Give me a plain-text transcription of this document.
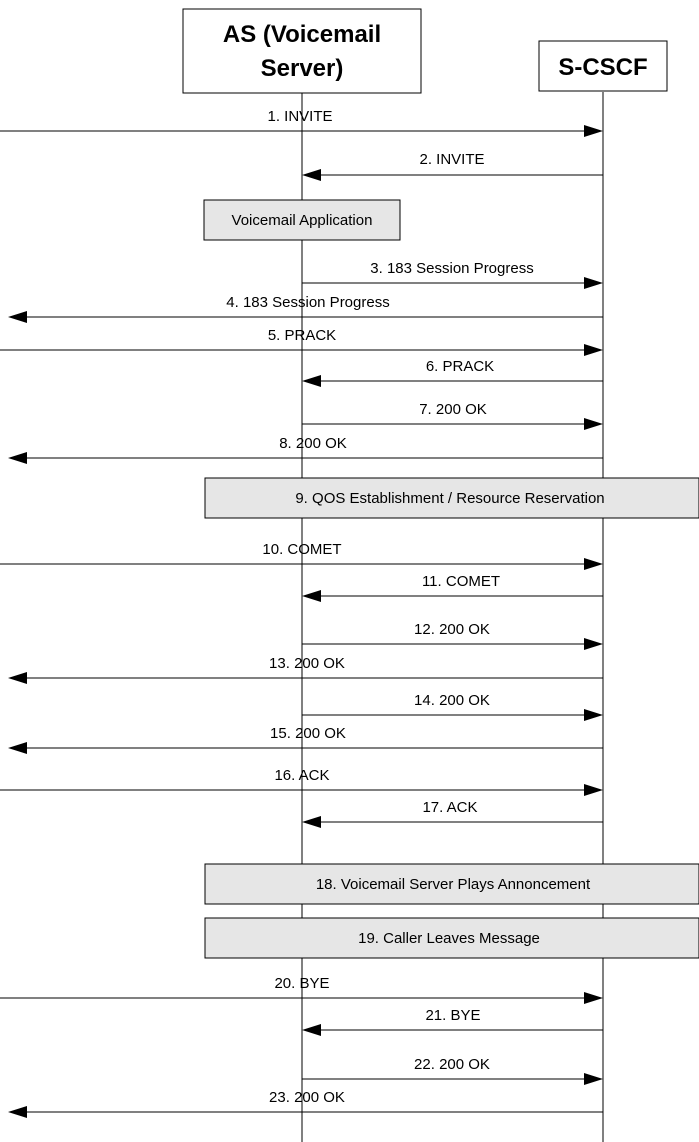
AS (Voicemail
Server)	S-CSCF
Voicemail Application
9. QOS Establishment / Resource Reservation
18. Voicemail Server Plays Annoncement
19. Caller Leaves Message
1. INVITE
2. INVITE
3. 183 Session Progress
4. 183 Session Progress
5. PRACK
6. PRACK
7. 200 OK
8. 200 OK
10. COMET
11. COMET
12. 200 OK
13. 200 OK
14. 200 OK
15. 200 OK
16. ACK
17. ACK
20. BYE
21. BYE
22. 200 OK
23. 200 OK
